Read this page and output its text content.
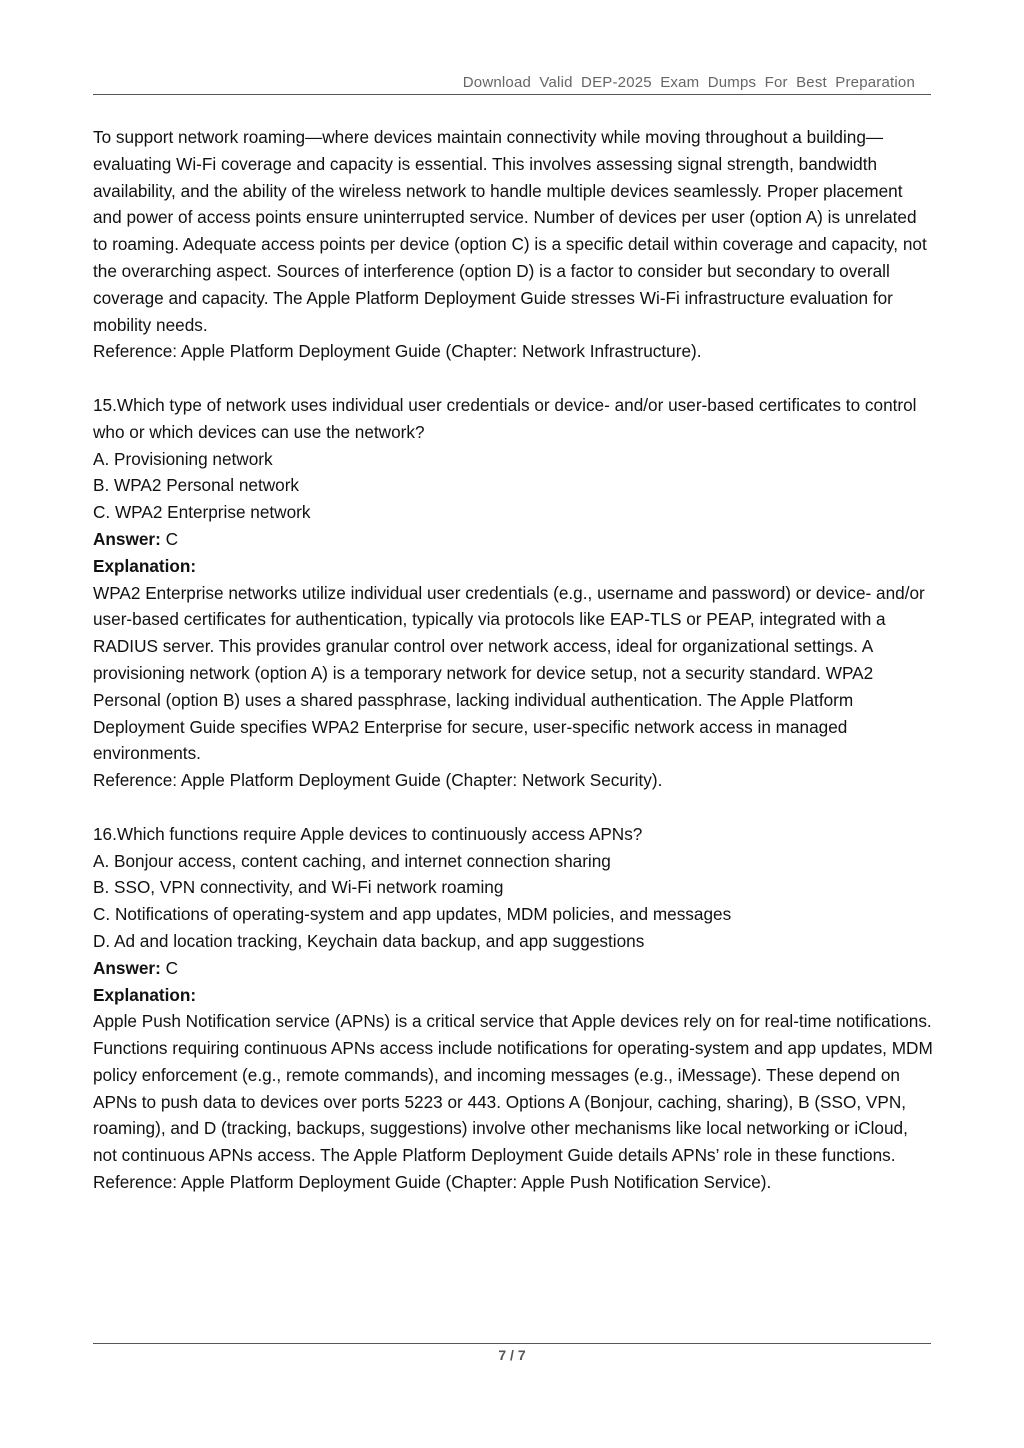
Download Valid DEP-2025 Exam Dumps For Best Preparation

To support network roaming—where devices maintain connectivity while moving throughout a building—evaluating Wi-Fi coverage and capacity is essential. This involves assessing signal strength, bandwidth availability, and the ability of the wireless network to handle multiple devices seamlessly. Proper placement and power of access points ensure uninterrupted service. Number of devices per user (option A) is unrelated to roaming. Adequate access points per device (option C) is a specific detail within coverage and capacity, not the overarching aspect. Sources of interference (option D) is a factor to consider but secondary to overall coverage and capacity. The Apple Platform Deployment Guide stresses Wi-Fi infrastructure evaluation for mobility needs.

Reference: Apple Platform Deployment Guide (Chapter: Network Infrastructure).

15.Which type of network uses individual user credentials or device- and/or user-based certificates to control who or which devices can use the network?

A. Provisioning network

B. WPA2 Personal network

C. WPA2 Enterprise network

Answer: C

Explanation:

WPA2 Enterprise networks utilize individual user credentials (e.g., username and password) or device- and/or user-based certificates for authentication, typically via protocols like EAP-TLS or PEAP, integrated with a RADIUS server. This provides granular control over network access, ideal for organizational settings. A provisioning network (option A) is a temporary network for device setup, not a security standard. WPA2 Personal (option B) uses a shared passphrase, lacking individual authentication. The Apple Platform Deployment Guide specifies WPA2 Enterprise for secure, user-specific network access in managed environments.

Reference: Apple Platform Deployment Guide (Chapter: Network Security).

16.Which functions require Apple devices to continuously access APNs?

A. Bonjour access, content caching, and internet connection sharing

B. SSO, VPN connectivity, and Wi-Fi network roaming

C. Notifications of operating-system and app updates, MDM policies, and messages

D. Ad and location tracking, Keychain data backup, and app suggestions

Answer: C

Explanation:

Apple Push Notification service (APNs) is a critical service that Apple devices rely on for real-time notifications. Functions requiring continuous APNs access include notifications for operating-system and app updates, MDM policy enforcement (e.g., remote commands), and incoming messages (e.g., iMessage). These depend on APNs to push data to devices over ports 5223 or 443. Options A (Bonjour, caching, sharing), B (SSO, VPN, roaming), and D (tracking, backups, suggestions) involve other mechanisms like local networking or iCloud, not continuous APNs access. The Apple Platform Deployment Guide details APNs’ role in these functions.

Reference: Apple Platform Deployment Guide (Chapter: Apple Push Notification Service).

7 / 7
